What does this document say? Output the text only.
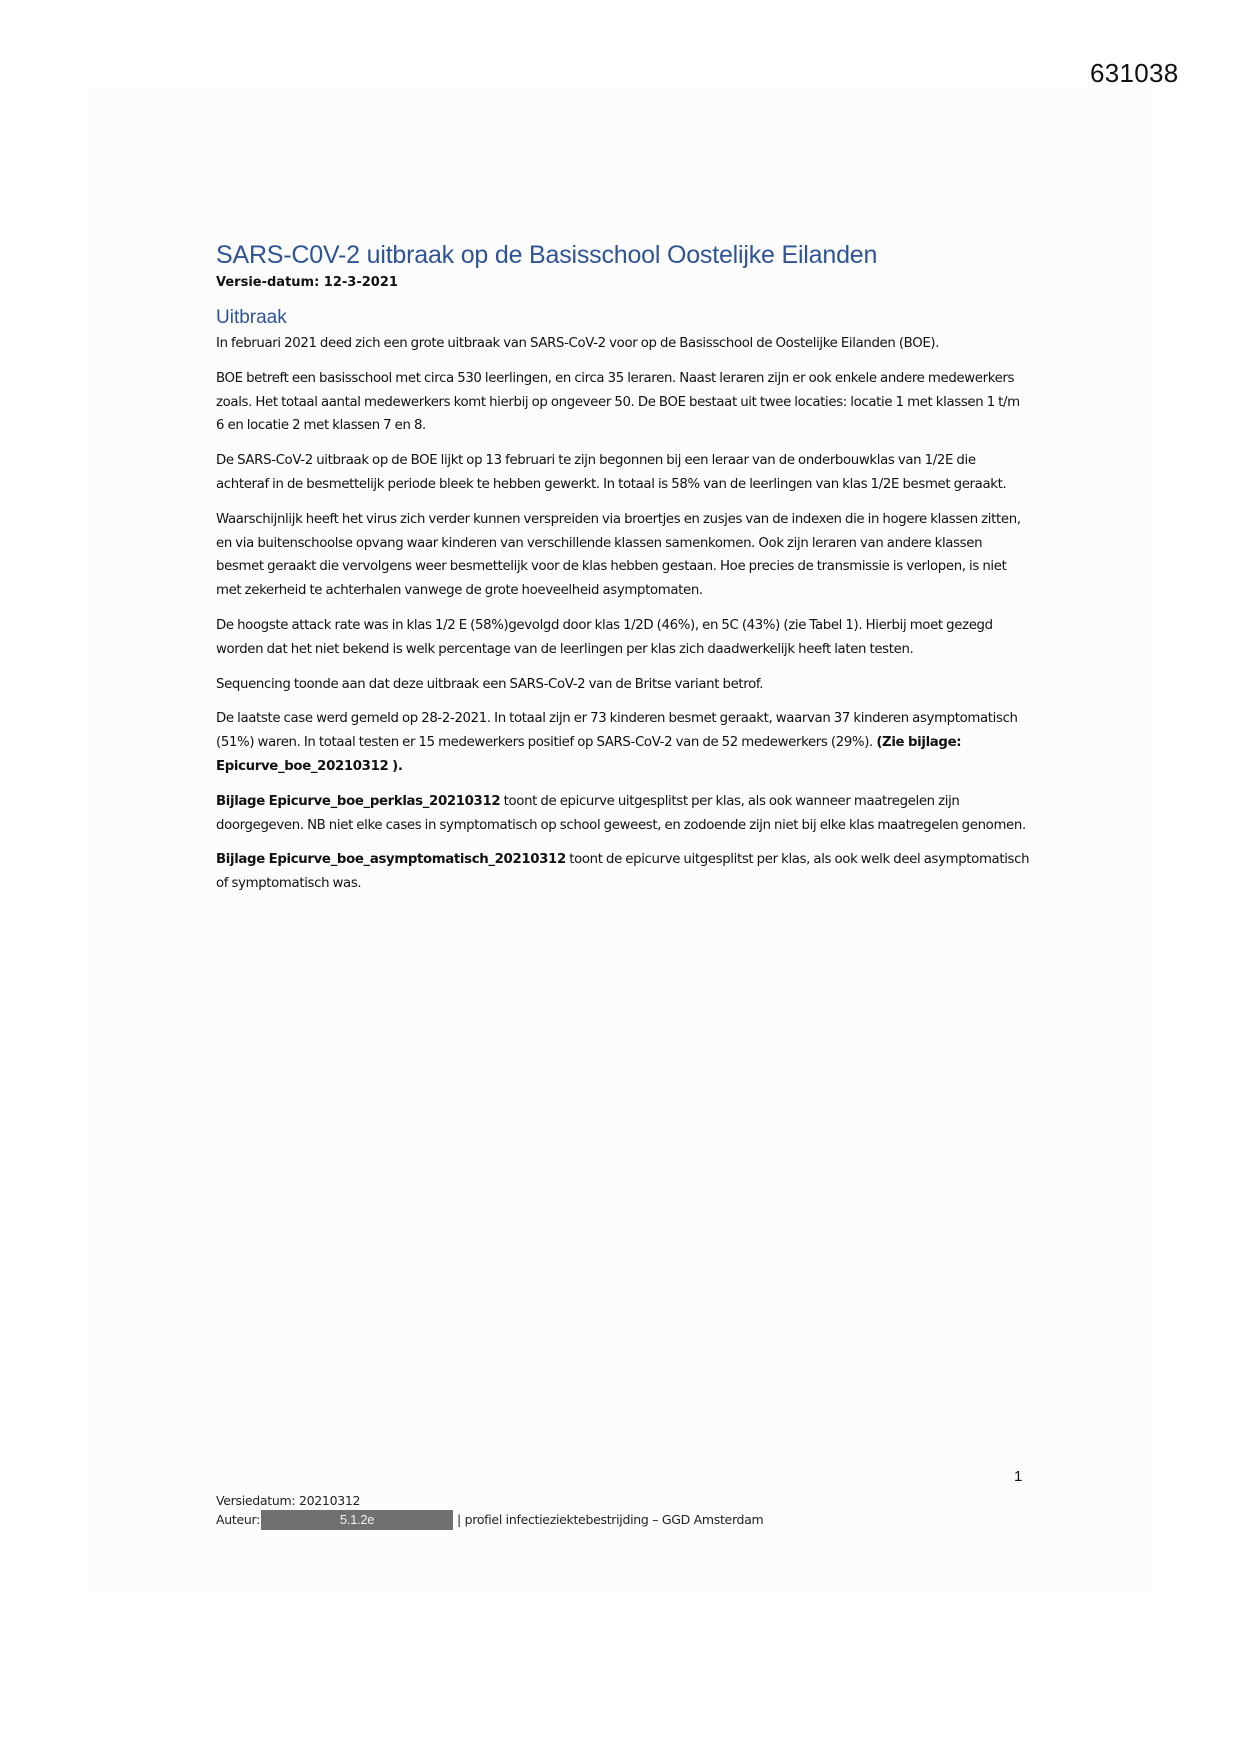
631038
SARS-C0V-2 uitbraak op de Basisschool Oostelijke Eilanden
Versie-datum: 12-3-2021
Uitbraak

In februari 2021 deed zich een grote uitbraak van SARS-CoV-2 voor op de Basisschool de Oostelijke Eilanden (BOE).

BOE betreft een basisschool met circa 530 leerlingen, en circa 35 leraren. Naast leraren zijn er ook enkele andere medewerkers zoals. Het totaal aantal medewerkers komt hierbij op ongeveer 50. De BOE bestaat uit twee locaties: locatie 1 met klassen 1 t/m 6 en locatie 2 met klassen 7 en 8.

De SARS-CoV-2 uitbraak op de BOE lijkt op 13 februari te zijn begonnen bij een leraar van de onderbouwklas van 1/2E die achteraf in de besmettelijk periode bleek te hebben gewerkt. In totaal is 58% van de leerlingen van klas 1/2E besmet geraakt.

Waarschijnlijk heeft het virus zich verder kunnen verspreiden via broertjes en zusjes van de indexen die in hogere klassen zitten, en via buitenschoolse opvang waar kinderen van verschillende klassen samenkomen. Ook zijn leraren van andere klassen besmet geraakt die vervolgens weer besmettelijk voor de klas hebben gestaan. Hoe precies de transmissie is verlopen, is niet met zekerheid te achterhalen vanwege de grote hoeveelheid asymptomaten.

De hoogste attack rate was in klas 1/2 E (58%)gevolgd door klas 1/2D (46%), en 5C (43%) (zie Tabel 1). Hierbij moet gezegd worden dat het niet bekend is welk percentage van de leerlingen per klas zich daadwerkelijk heeft laten testen.

Sequencing toonde aan dat deze uitbraak een SARS-CoV-2 van de Britse variant betrof.

De laatste case werd gemeld op 28-2-2021. In totaal zijn er 73 kinderen besmet geraakt, waarvan 37 kinderen asymptomatisch (51%) waren. In totaal testen er 15 medewerkers positief op SARS-CoV-2 van de 52 medewerkers (29%). (Zie bijlage: Epicurve_boe_20210312 ).

Bijlage Epicurve_boe_perklas_20210312 toont de epicurve uitgesplitst per klas, als ook wanneer maatregelen zijn doorgegeven. NB niet elke cases in symptomatisch op school geweest, en zodoende zijn niet bij elke klas maatregelen genomen.

Bijlage Epicurve_boe_asymptomatisch_20210312 toont de epicurve uitgesplitst per klas, als ook welk deel asymptomatisch of symptomatisch was.

1
Versiedatum: 20210312
Auteur:	5.1.2e	| profiel infectieziektebestrijding – GGD Amsterdam
